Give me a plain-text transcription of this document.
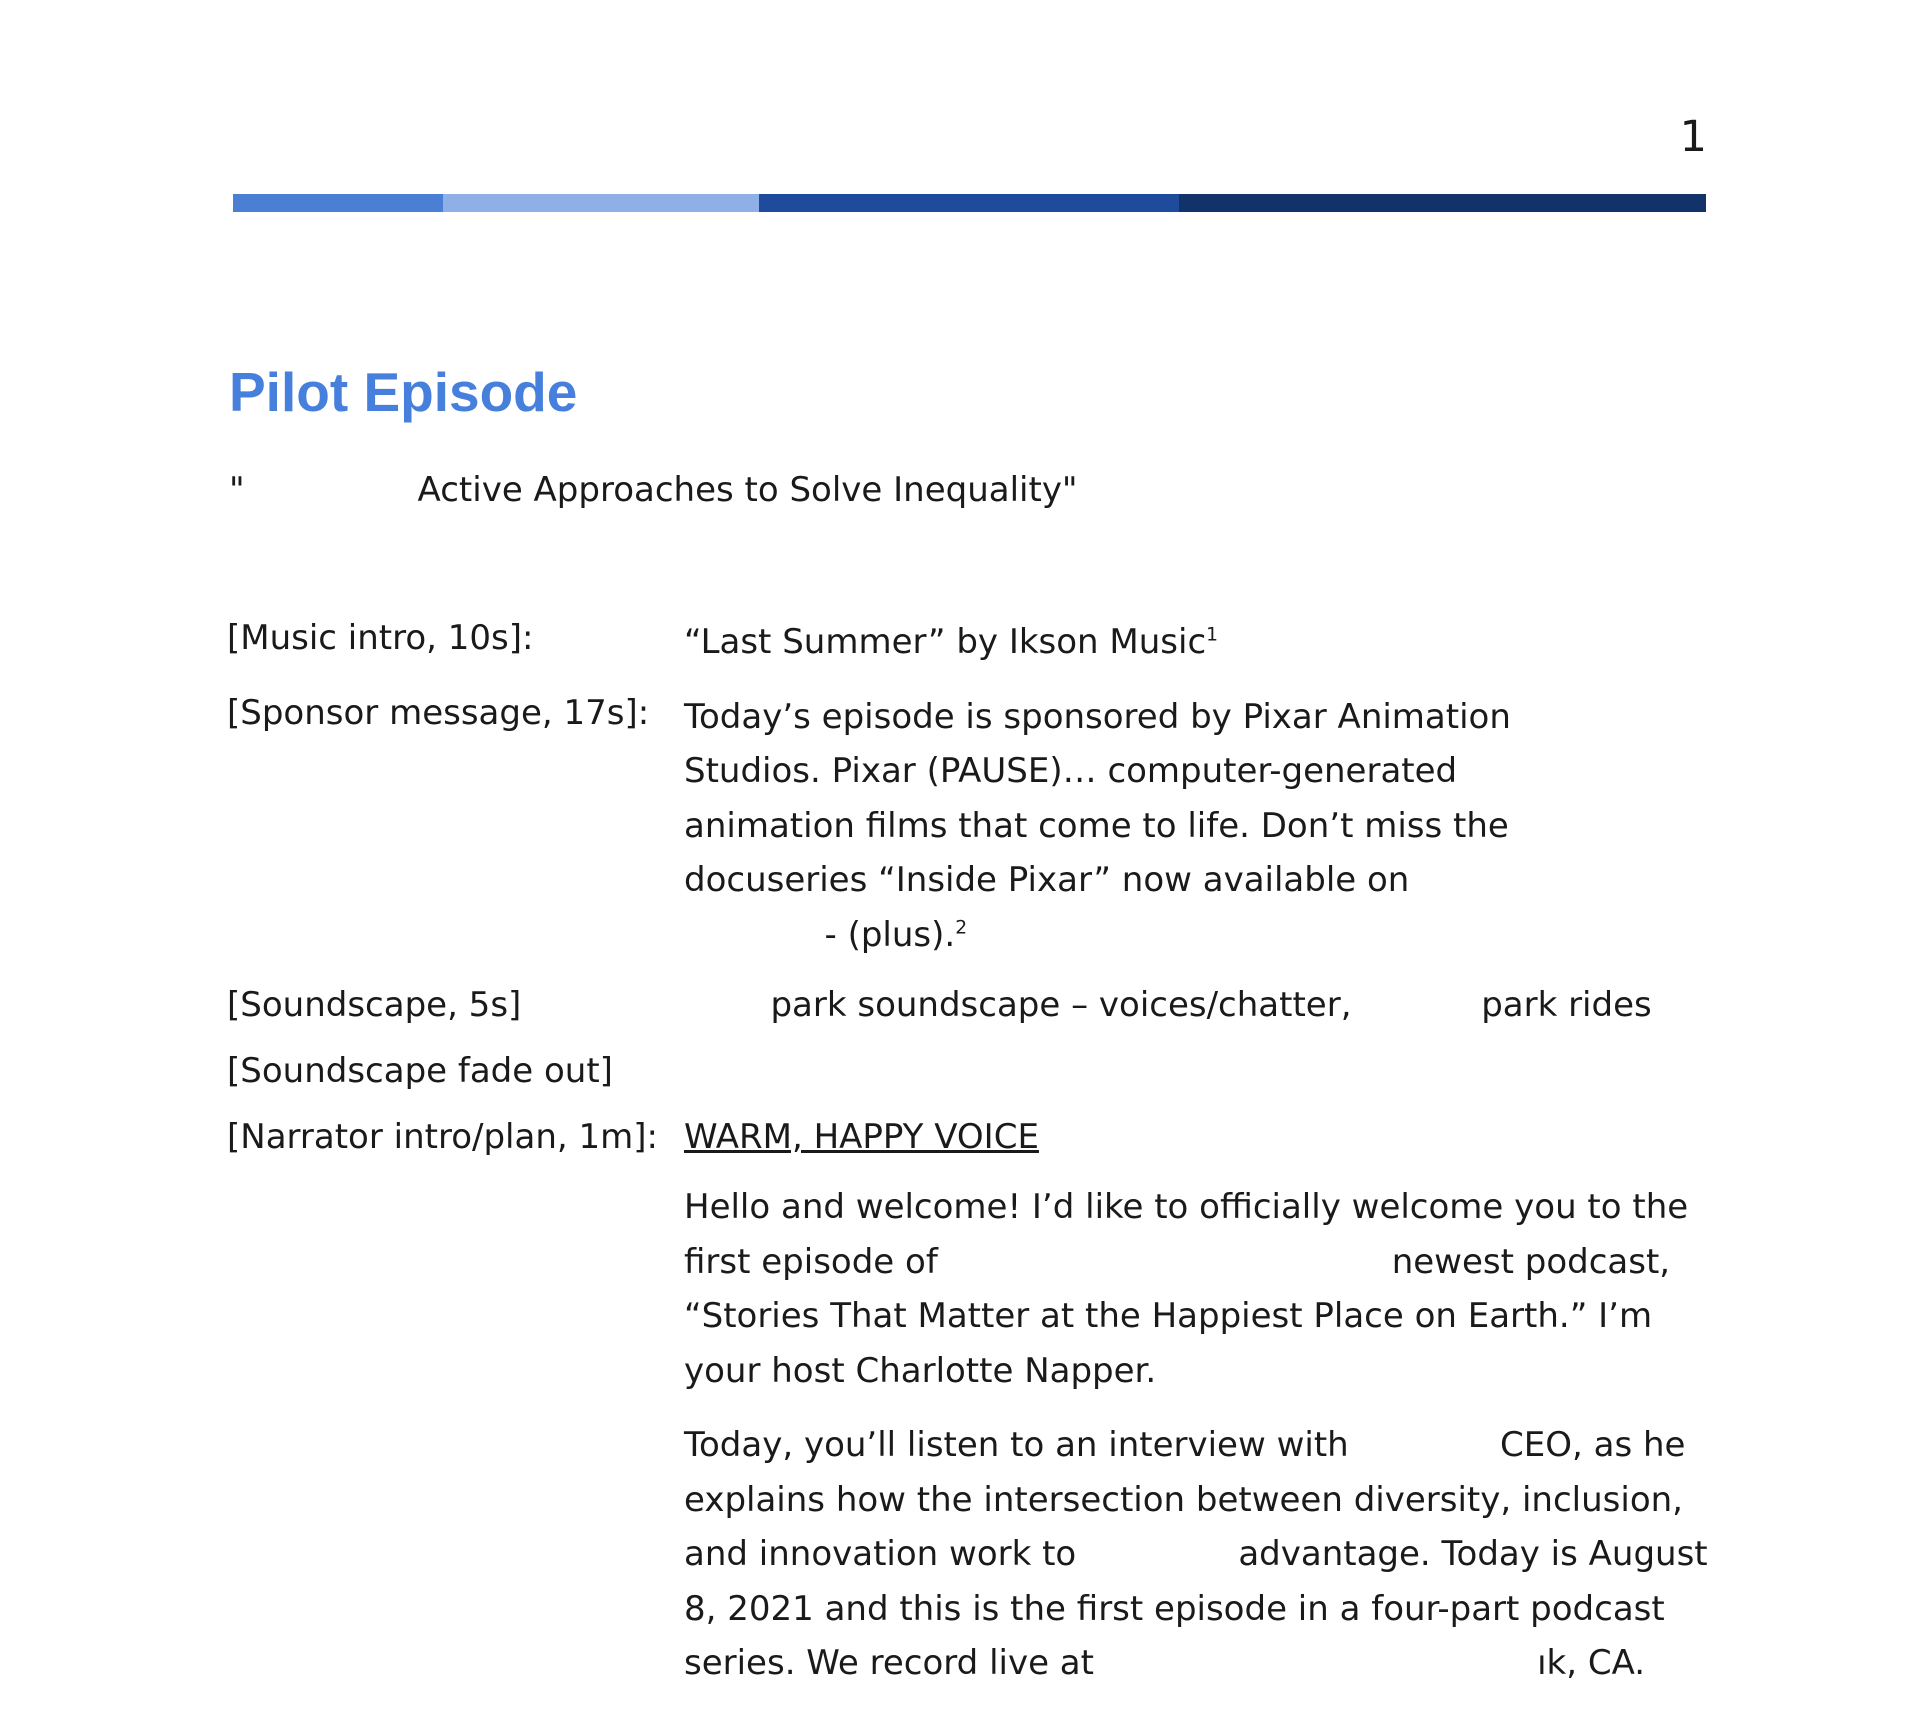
1
Pilot Episode
"                Active Approaches to Solve Inequality"
[Music intro, 10s]:	“Last Summer” by Ikson Music$^1$
[Sponsor message, 17s]:	Today’s episode is sponsored by Pixar Animation
Studios. Pixar (PAUSE)… computer-generated
animation films that come to life. Don’t miss the
docuseries “Inside Pixar” now available on
- (plus).$^2$
[Soundscape, 5s]	park soundscape – voices/chatter,            park rides
[Soundscape fade out]
[Narrator intro/plan, 1m]: WARM, HAPPY VOICE

Hello and welcome! I’d like to officially welcome you to the
first episode of                                          newest podcast,
“Stories That Matter at the Happiest Place on Earth.” I’m
your host Charlotte Napper.

Today, you’ll listen to an interview with              CEO, as he
explains how the intersection between diversity, inclusion,
and innovation work to               advantage. Today is August
8, 2021 and this is the first episode in a four-part podcast
series. We record live at                                         ık, CA.
